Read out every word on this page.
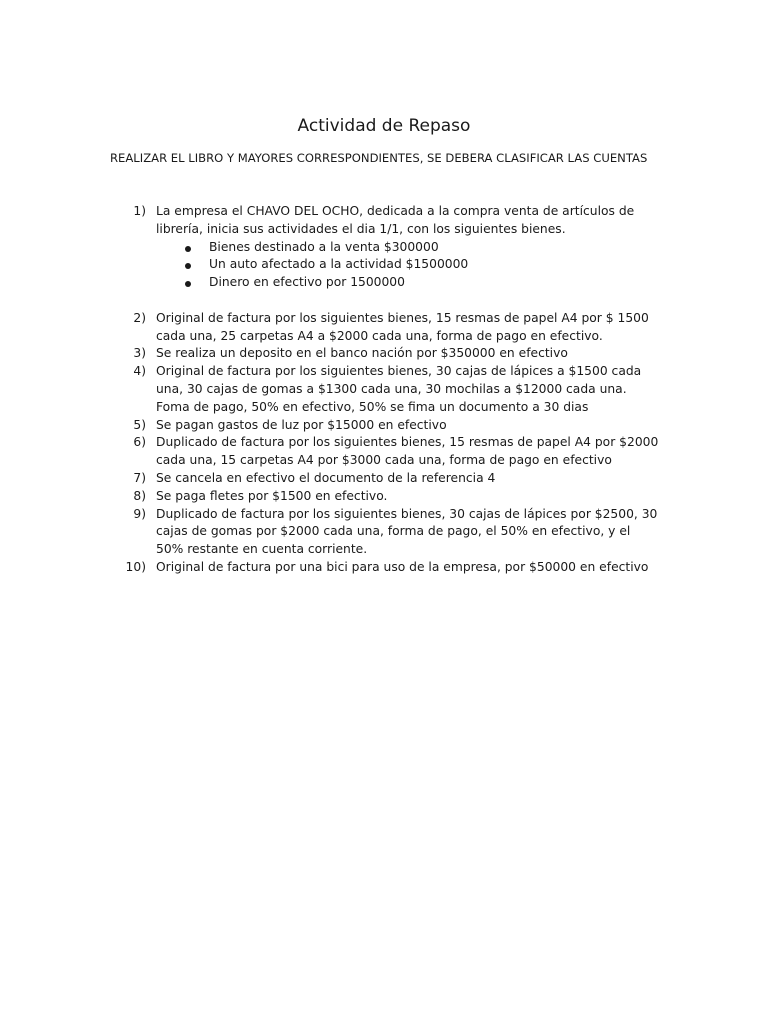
Actividad de Repaso
REALIZAR EL LIBRO Y MAYORES CORRESPONDIENTES, SE DEBERA CLASIFICAR LAS CUENTAS
1) La empresa el CHAVO DEL OCHO, dedicada a la compra venta de artículos de librería, inicia sus actividades el dia 1/1, con los siguientes bienes.
Bienes destinado a la venta $300000
Un auto afectado a la actividad $1500000
Dinero en efectivo por 1500000
2) Original de factura por los siguientes bienes, 15 resmas de papel A4 por $ 1500 cada una, 25 carpetas A4 a $2000 cada una, forma de pago en efectivo.
3) Se realiza un deposito en el banco nación por $350000 en efectivo
4) Original de factura por los siguientes bienes, 30 cajas de lápices a $1500 cada una, 30 cajas de gomas a $1300 cada una, 30 mochilas a $12000 cada una. Foma de pago, 50% en efectivo, 50% se fima un documento a 30 dias
5) Se pagan gastos de luz por $15000 en efectivo
6) Duplicado de factura por los siguientes bienes, 15 resmas de papel A4 por $2000 cada una, 15 carpetas A4 por $3000 cada una, forma de pago en efectivo
7) Se cancela en efectivo el documento de la referencia 4
8) Se paga fletes por $1500 en efectivo.
9) Duplicado de factura por los siguientes bienes, 30 cajas de lápices por $2500, 30 cajas de gomas por $2000 cada una, forma de pago, el 50% en efectivo, y el 50% restante en cuenta corriente.
10) Original de factura por una bici para uso de la empresa, por $50000 en efectivo
